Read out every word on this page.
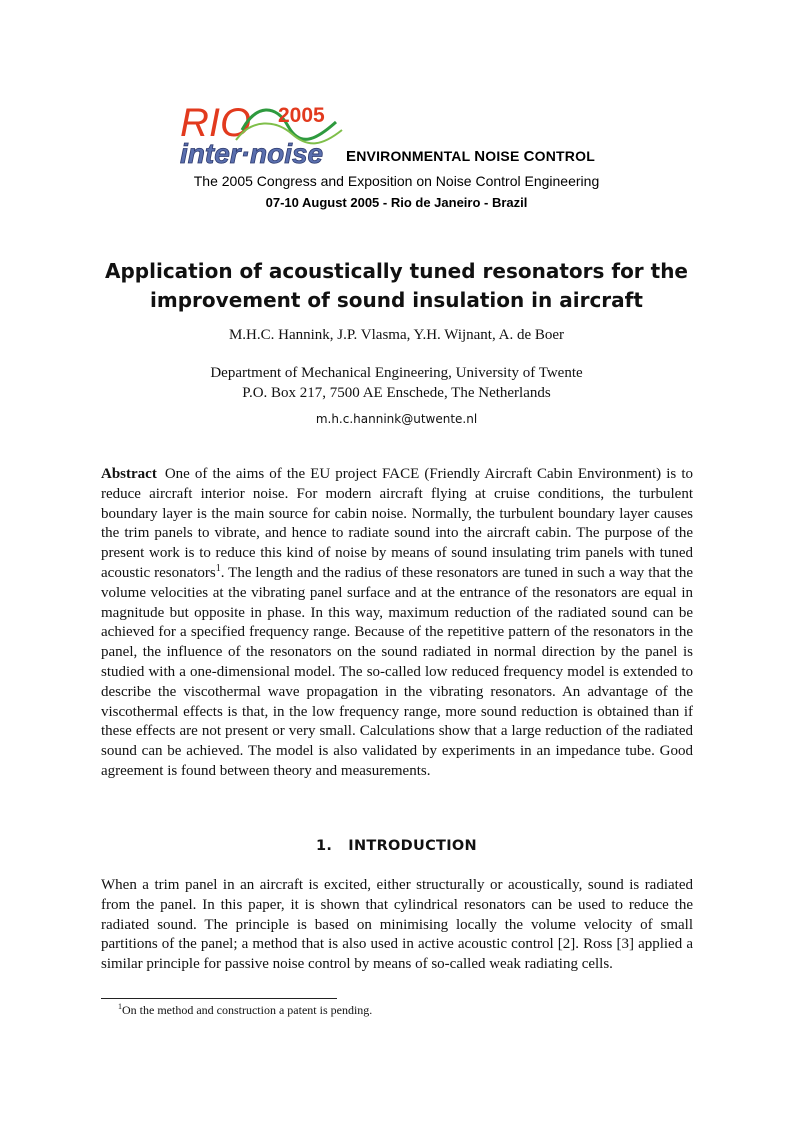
RIO 2005
inter·noise ENVIRONMENTAL NOISE CONTROL
The 2005 Congress and Exposition on Noise Control Engineering
07-10 August 2005 - Rio de Janeiro - Brazil
Application of acoustically tuned resonators for the improvement of sound insulation in aircraft
M.H.C. Hannink, J.P. Vlasma, Y.H. Wijnant, A. de Boer
Department of Mechanical Engineering, University of Twente
P.O. Box 217, 7500 AE Enschede, The Netherlands
m.h.c.hannink@utwente.nl
Abstract One of the aims of the EU project FACE (Friendly Aircraft Cabin Environment) is to reduce aircraft interior noise. For modern aircraft flying at cruise conditions, the turbulent boundary layer is the main source for cabin noise. Normally, the turbulent boundary layer causes the trim panels to vibrate, and hence to radiate sound into the aircraft cabin. The purpose of the present work is to reduce this kind of noise by means of sound insulating trim panels with tuned acoustic resonators$^1$. The length and the radius of these resonators are tuned in such a way that the volume velocities at the vibrating panel surface and at the entrance of the resonators are equal in magnitude but opposite in phase. In this way, maximum reduction of the radiated sound can be achieved for a specified frequency range. Because of the repetitive pattern of the resonators in the panel, the influence of the resonators on the sound radiated in normal direction by the panel is studied with a one-dimensional model. The so-called low reduced frequency model is extended to describe the viscothermal wave propagation in the vibrating resonators. An advantage of the viscothermal effects is that, in the low frequency range, more sound reduction is obtained than if these effects are not present or very small. Calculations show that a large reduction of the radiated sound can be achieved. The model is also validated by experiments in an impedance tube. Good agreement is found between theory and measurements.
1.   INTRODUCTION
When a trim panel in an aircraft is excited, either structurally or acoustically, sound is radiated from the panel. In this paper, it is shown that cylindrical resonators can be used to reduce the radiated sound. The principle is based on minimising locally the volume velocity of small partitions of the panel; a method that is also used in active acoustic control [2]. Ross [3] applied a similar principle for passive noise control by means of so-called weak radiating cells.
$^1$On the method and construction a patent is pending.
